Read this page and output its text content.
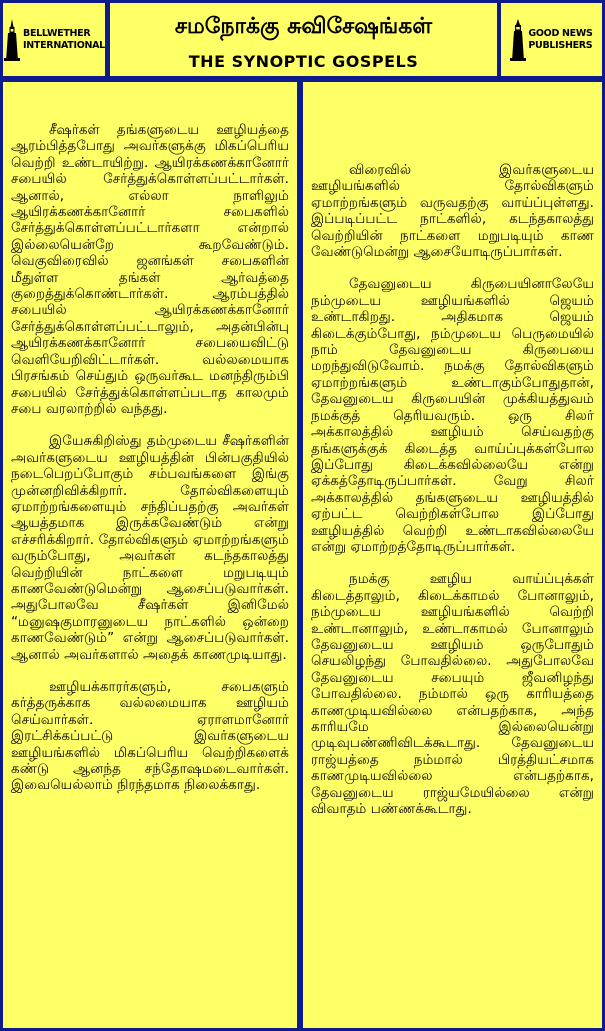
BELLWETHER
INTERNATIONAL
சமநோக்கு சுவிசேஷங்கள்
THE SYNOPTIC GOSPELS
GOOD NEWS
PUBLISHERS

சீஷர்கள் தங்களுடைய ஊழியத்தை ஆரம்பித்தபோது அவர்களுக்கு மிகப்பெரிய வெற்றி உண்டாயிற்று. ஆயிரக்கணக்கானோர் சபையில் சேர்த்துக்கொள்ளப்பட்டார்கள். ஆனால், எல்லா நாளிலும் ஆயிரக்கணக்கானோர் சபைகளில் சேர்த்துக்கொள்ளப்பட்டார்களா என்றால் இல்லையென்றே கூறவேண்டும். வெகுவிரைவில் ஜனங்கள் சபைகளின் மீதுள்ள தங்கள் ஆர்வத்தை குறைத்துக்கொண்டார்கள். ஆரம்பத்தில் சபையில் ஆயிரக்கணக்கானோர் சேர்த்துக்கொள்ளப்பட்டாலும், அதன்பின்பு ஆயிரக்கணக்கானோர் சபையைவிட்டு வெளியேறிவிட்டார்கள். வல்லமையாக பிரசங்கம் செய்தும் ஒருவர்கூட மனந்திரும்பி சபையில் சேர்த்துக்கொள்ளப்படாத காலமும் சபை வரலாற்றில் வந்தது.

இயேசுகிறிஸ்து தம்முடைய சீஷர்களின் அவர்களுடைய ஊழியத்தின் பின்பகுதியில் நடைபெறப்போகும் சம்பவங்களை இங்கு முன்னறிவிக்கிறார். தோல்விகளையும் ஏமாற்றங்களையும் சந்திப்பதற்கு அவர்கள் ஆயத்தமாக இருக்கவேண்டும் என்று எச்சரிக்கிறார். தோல்விகளும் ஏமாற்றங்களும் வரும்போது, அவர்கள் கடந்தகாலத்து வெற்றியின் நாட்களை மறுபடியும் காணவேண்டுமென்று ஆசைப்படுவார்கள். அதுபோலவே சீஷர்கள் இனிமேல் “மனுஷகுமாரனுடைய நாட்களில் ஒன்றை காணவேண்டும்” என்று ஆசைப்படுவார்கள். ஆனால் அவர்களால் அதைக் காணமுடியாது.

ஊழியக்காரர்களும், சபைகளும் கர்த்தருக்காக வல்லமையாக ஊழியம் செய்வார்கள். ஏராளமானோர் இரட்சிக்கப்பட்டு இவர்களுடைய ஊழியங்களில் மிகப்பெரிய வெற்றிகளைக் கண்டு ஆனந்த சந்தோஷமடைவார்கள். இவையெல்லாம் நிரந்தமாக நிலைக்காது.

விரைவில் இவர்களுடைய ஊழியங்களில் தோல்விகளும் ஏமாற்றங்களும் வருவதற்கு வாய்ப்புள்ளது. இப்படிப்பட்ட நாட்களில், கடந்தகாலத்து வெற்றியின் நாட்களை மறுபடியும் காண வேண்டுமென்று ஆசையோடிருப்பார்கள்.

தேவனுடைய கிருபையினாலேயே நம்முடைய ஊழியங்களில் ஜெயம் உண்டாகிறது. அதிகமாக ஜெயம் கிடைக்கும்போது, நம்முடைய பெருமையில் நாம் தேவனுடைய கிருபையை மறந்துவிடுவோம். நமக்கு தோல்விகளும் ஏமாற்றங்களும் உண்டாகும்போதுதான், தேவனுடைய கிருபையின் முக்கியத்துவம் நமக்குத் தெரியவரும். ஒரு சிலர் அக்காலத்தில் ஊழியம் செய்வதற்கு தங்களுக்குக் கிடைத்த வாய்ப்புக்கள்போல இப்போது கிடைக்கவில்லையே என்று ஏக்கத்தோடிருப்பார்கள். வேறு சிலர் அக்காலத்தில் தங்களுடைய ஊழியத்தில் ஏற்பட்ட வெற்றிகள்போல இப்போது ஊழியத்தில் வெற்றி உண்டாகவில்லையே என்று ஏமாற்றத்தோடிருப்பார்கள்.

நமக்கு ஊழிய வாய்ப்புக்கள் கிடைத்தாலும், கிடைக்காமல் போனாலும், நம்முடைய ஊழியங்களில் வெற்றி உண்டானாலும், உண்டாகாமல் போனாலும் தேவனுடைய ஊழியம் ஒருபோதும் செயலிழந்து போவதில்லை. அதுபோலவே தேவனுடைய சபையும் ஜீவனிழந்து போவதில்லை. நம்மால் ஒரு காரியத்தை காணமுடியவில்லை என்பதற்காக, அந்த காரியமே இல்லையென்று முடிவுபண்ணிவிடக்கூடாது. தேவனுடைய ராஜ்யத்தை நம்மால் பிரத்தியட்சமாக காணமுடியவில்லை என்பதற்காக, தேவனுடைய ராஜ்யமேயில்லை என்று விவாதம் பண்ணக்கூடாது.
